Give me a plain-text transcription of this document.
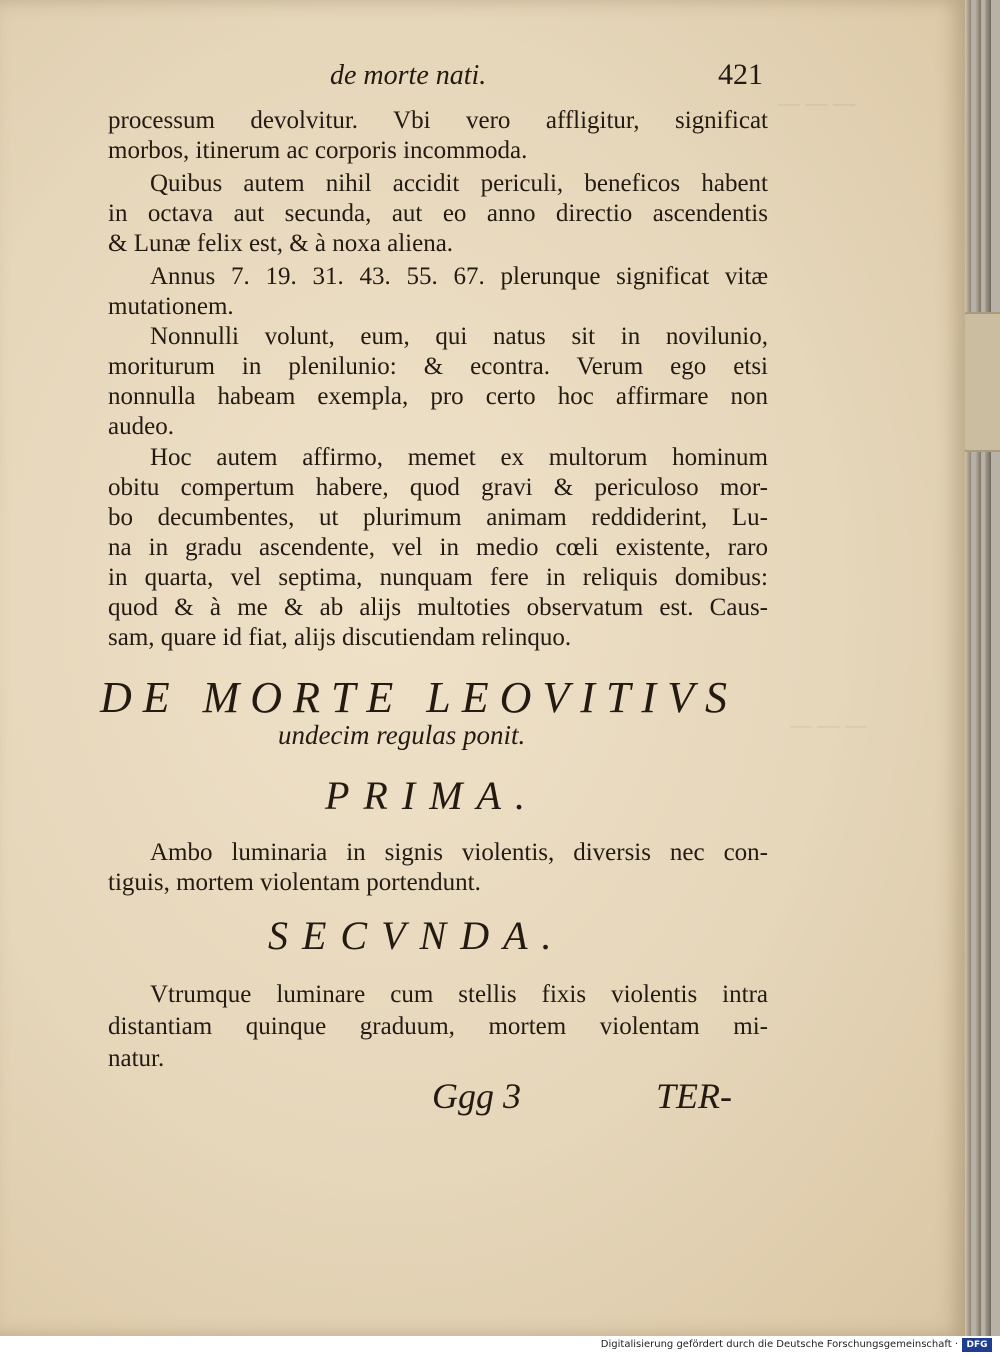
― ― ―
― ― ―
de morte nati.	421
processum devolvitur. Vbi vero affligitur, significat
morbos, itinerum ac corporis incommoda.
Quibus autem nihil accidit periculi, beneficos habent
in octava aut secunda, aut eo anno directio ascendentis
& Lunæ felix est, & à noxa aliena.
Annus 7. 19. 31. 43. 55. 67. plerunque significat vitæ
mutationem.
Nonnulli volunt, eum, qui natus sit in novilunio,
moriturum in plenilunio: & econtra. Verum ego etsi
nonnulla habeam exempla, pro certo hoc affirmare non
audeo.
Hoc autem affirmo, memet ex multorum hominum
obitu compertum habere, quod gravi & periculoso mor-
bo decumbentes, ut plurimum animam reddiderint, Lu-
na in gradu ascendente, vel in medio cœli existente, raro
in quarta, vel septima, nunquam fere in reliquis domibus:
quod & à me & ab alijs multoties observatum est. Caus-
sam, quare id fiat, alijs discutiendam relinquo.
DE MORTE LEOVITIVS
undecim regulas ponit.
PRIMA.
Ambo luminaria in signis violentis, diversis nec con-
tiguis, mortem violentam portendunt.
SECVNDA.
Vtrumque luminare cum stellis fixis violentis intra
distantiam quinque graduum, mortem violentam mi-
natur.
Ggg 3	TER-
Digitalisierung gefördert durch die Deutsche Forschungsgemeinschaft · DFG
